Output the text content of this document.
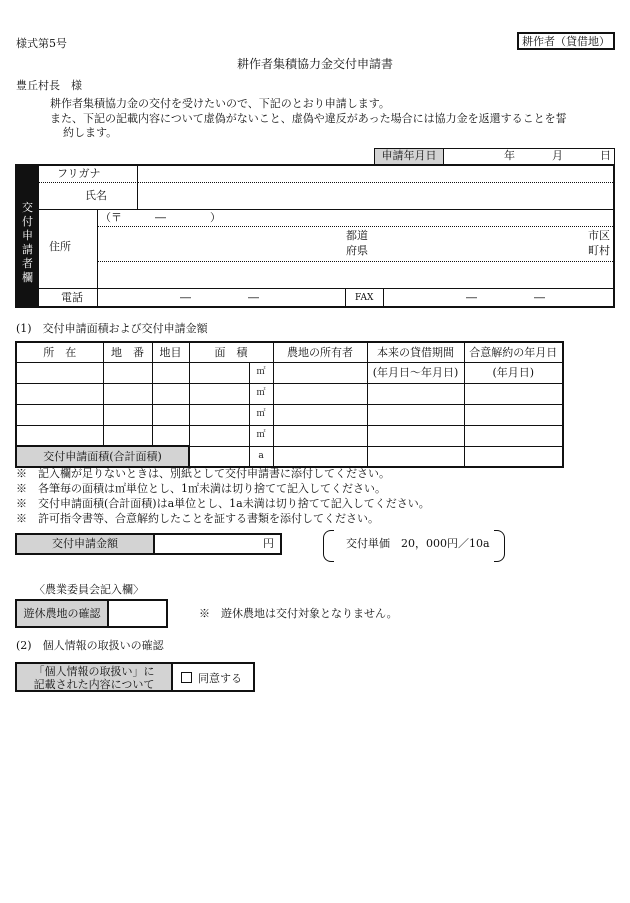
様式第5号	耕作者（貸借地）
耕作者集積協力金交付申請書
豊丘村長　様
耕作者集積協力金の交付を受けたいので、下記のとおり申請します。
また、下記の記載内容について虚偽がないこと、虚偽や違反があった場合には協力金を返還することを誓
約します。
申請年月日	年	月	日
交
付
申
請
者
欄
フリガナ
氏名
住所
（〒　　　―　　　　）
都道
府県
市区
町村
電話	―	―	FAX	―	―
(1)　交付申請面積および交付申請金額
所　在	地　番	地目	面　積		農地の所有者	本来の貸借期間	合意解約の年月日
				㎡		(年月日～年月日)	(年月日)
				㎡			
				㎡			
				㎡			
交付申請面積(合計面積)				a			
※　記入欄が足りないときは、別紙として交付申請書に添付してください。
※　各筆毎の面積は㎡単位とし、1㎡未満は切り捨てて記入してください。
※　交付申請面積(合計面積)はa単位とし、1a未満は切り捨てて記入してください。
※　許可指令書等、合意解約したことを証する書類を添付してください。
交付申請金額	円	交付単価　20，000円／10a
〈農業委員会記入欄〉
遊休農地の確認	※　遊休農地は交付対象となりません。
(2)　個人情報の取扱いの確認
「個人情報の取扱い」に
記載された内容について	同意する
